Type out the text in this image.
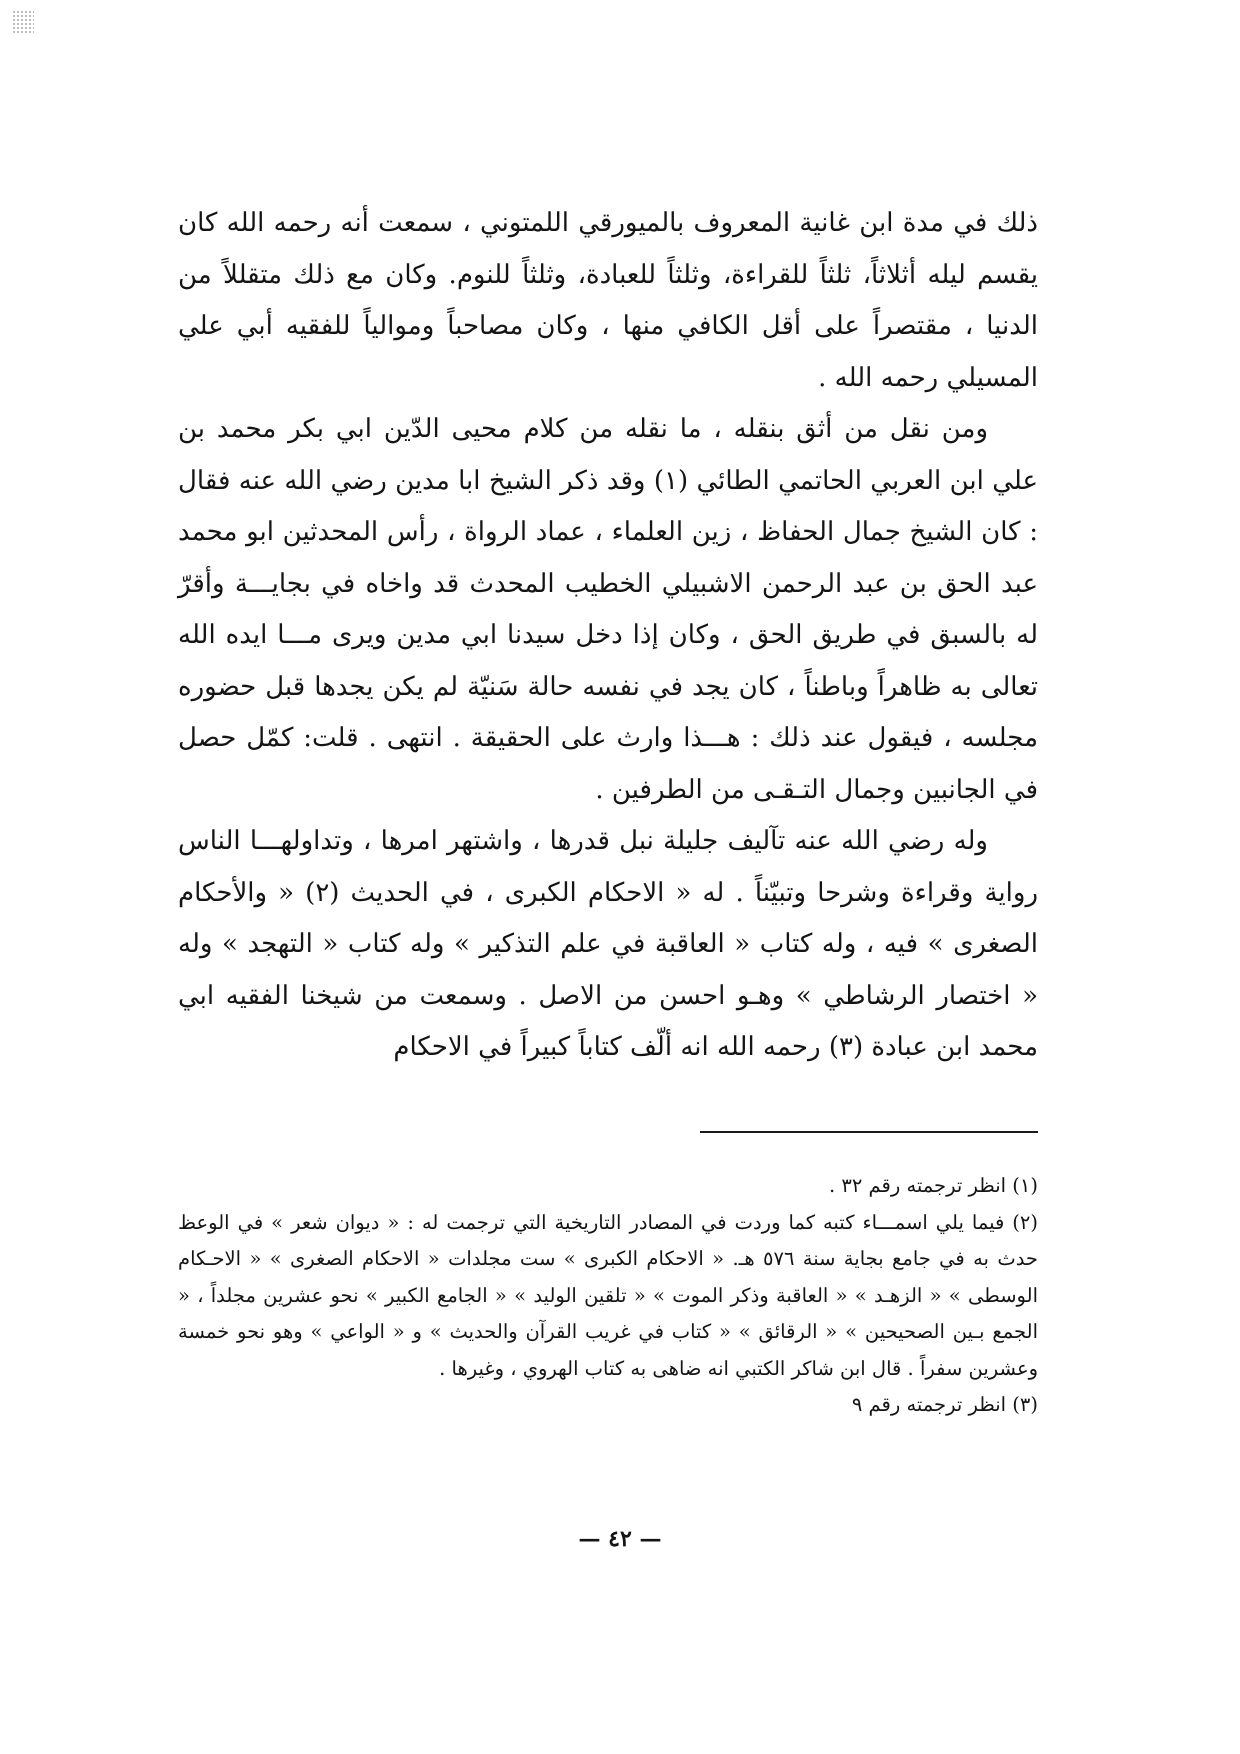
ذلك في مدة ابن غانية المعروف بالميورقي اللمتوني ، سمعت أنه رحمه الله كان يقسم ليله أثلاثاً، ثلثاً للقراءة، وثلثاً للعبادة، وثلثاً للنوم. وكان مع ذلك متقللاً من الدنيا ، مقتصراً على أقل الكافي منها ، وكان مصاحباً وموالياً للفقيه أبي علي المسيلي رحمه الله .

ومن نقل من أثق بنقله ، ما نقله من كلام محيى الدّين ابي بكر محمد بن علي ابن العربي الحاتمي الطائي (١) وقد ذكر الشيخ ابا مدين رضي الله عنه فقال : كان الشيخ جمال الحفاظ ، زين العلماء ، عماد الرواة ، رأس المحدثين ابو محمد عبد الحق بن عبد الرحمن الاشبيلي الخطيب المحدث قد واخاه في بجايـــة وأقرّ له بالسبق في طريق الحق ، وكان إذا دخل سيدنا ابي مدين ويرى مـــا ايده الله تعالى به ظاهراً وباطناً ، كان يجد في نفسه حالة سَنيّة لم يكن يجدها قبل حضوره مجلسه ، فيقول عند ذلك : هـــذا وارث على الحقيقة . انتهى . قلت: كمّل حصل في الجانبين وجمال التـقـى من الطرفين .

وله رضي الله عنه تآليف جليلة نبل قدرها ، واشتهر امرها ، وتداولهـــا الناس رواية وقراءة وشرحا وتبيّناً . له « الاحكام الكبرى ، في الحديث (٢) « والأحكام الصغرى » فيه ، وله كتاب « العاقبة في علم التذكير » وله كتاب « التهجد » وله « اختصار الرشاطي » وهـو احسن من الاصل . وسمعت من شيخنا الفقيه ابي محمد ابن عبادة (٣) رحمه الله انه ألّف كتاباً كبيراً في الاحكام

(١) انظر ترجمته رقم ٣٢ .

(٢) فيما يلي اسمـــاء كتبه كما وردت في المصادر التاريخية التي ترجمت له : « ديوان شعر » في الوعظ حدث به في جامع بجاية سنة ٥٧٦ هـ. « الاحكام الكبرى » ست مجلدات « الاحكام الصغرى » « الاحـكام الوسطى » « الزهـد » « العاقبة وذكر الموت » « تلقين الوليد » « الجامع الكبير » نحو عشرين مجلداً ، « الجمع بـين الصحيحين » « الرقائق » « كتاب في غريب القرآن والحديث » و « الواعي » وهو نحو خمسة وعشرين سفراً . قال ابن شاكر الكتبي انه ضاهى به كتاب الهروي ، وغيرها .

(٣) انظر ترجمته رقم ٩

— ٤٢ —
